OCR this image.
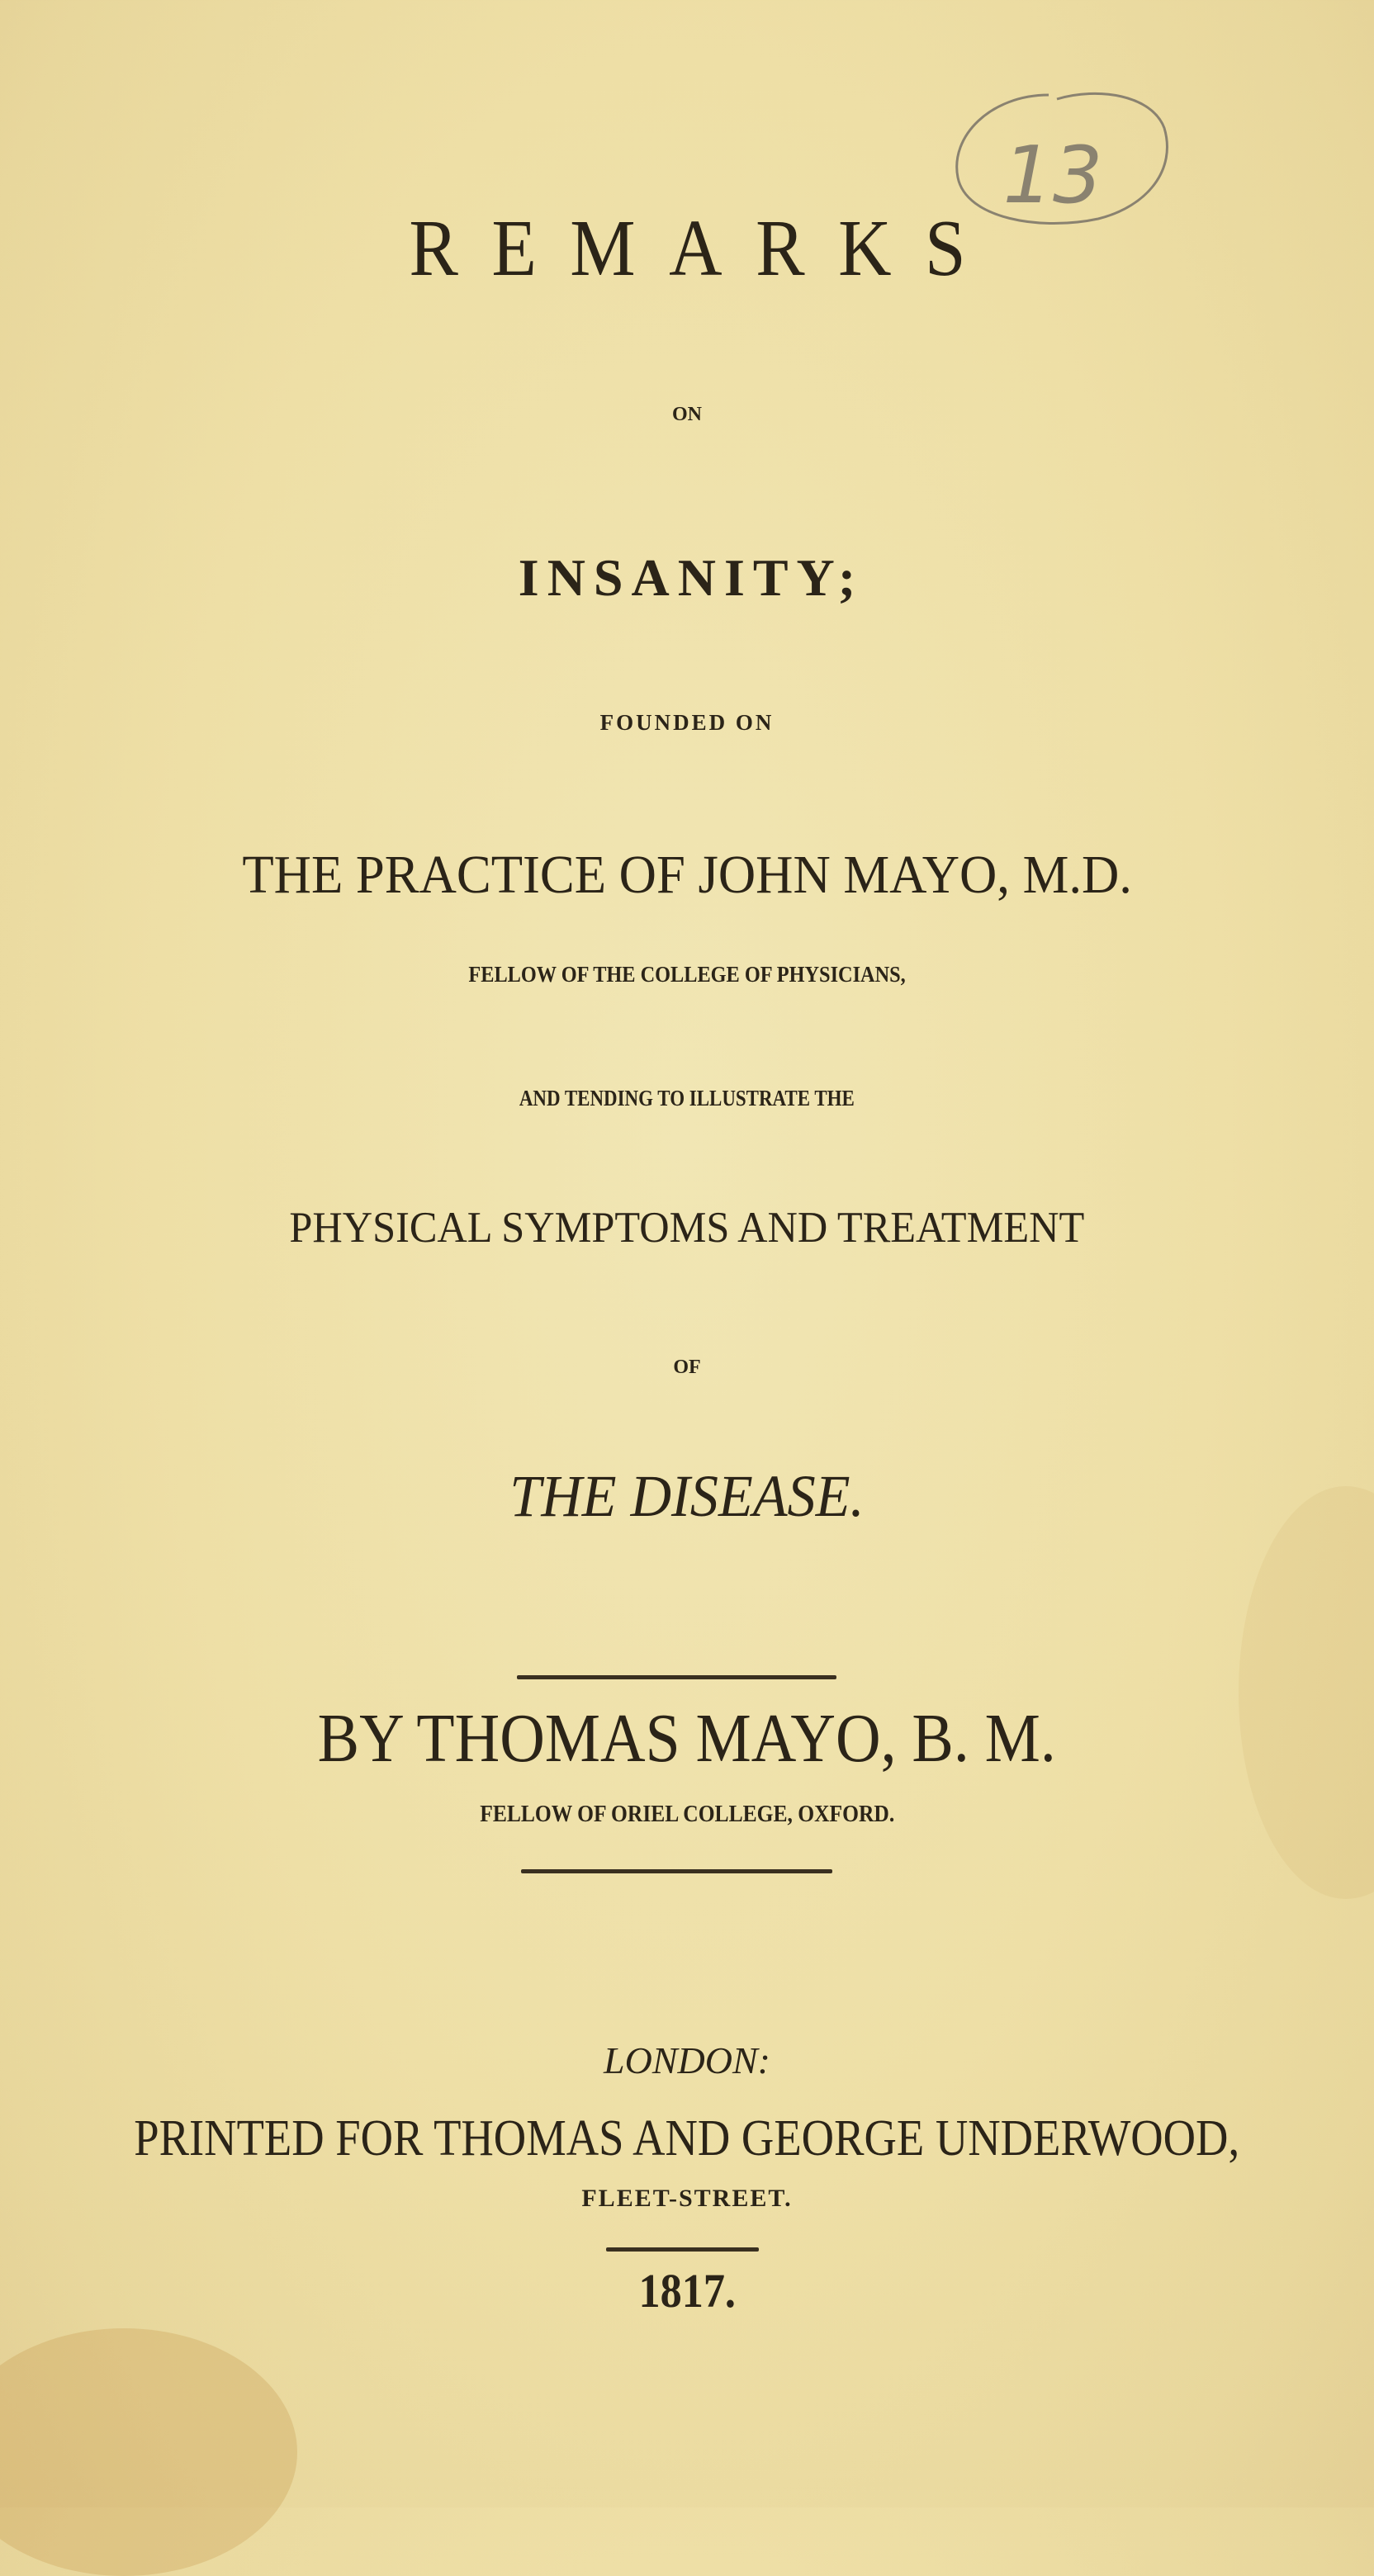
13
REMARKS
ON
INSANITY;
FOUNDED ON
THE PRACTICE OF JOHN MAYO, M.D.
FELLOW OF THE COLLEGE OF PHYSICIANS,
AND TENDING TO ILLUSTRATE THE
PHYSICAL SYMPTOMS AND TREATMENT
OF
THE DISEASE.
BY THOMAS MAYO, B. M.
FELLOW OF ORIEL COLLEGE, OXFORD.
LONDON:
PRINTED FOR THOMAS AND GEORGE UNDERWOOD,
FLEET-STREET.
1817.
